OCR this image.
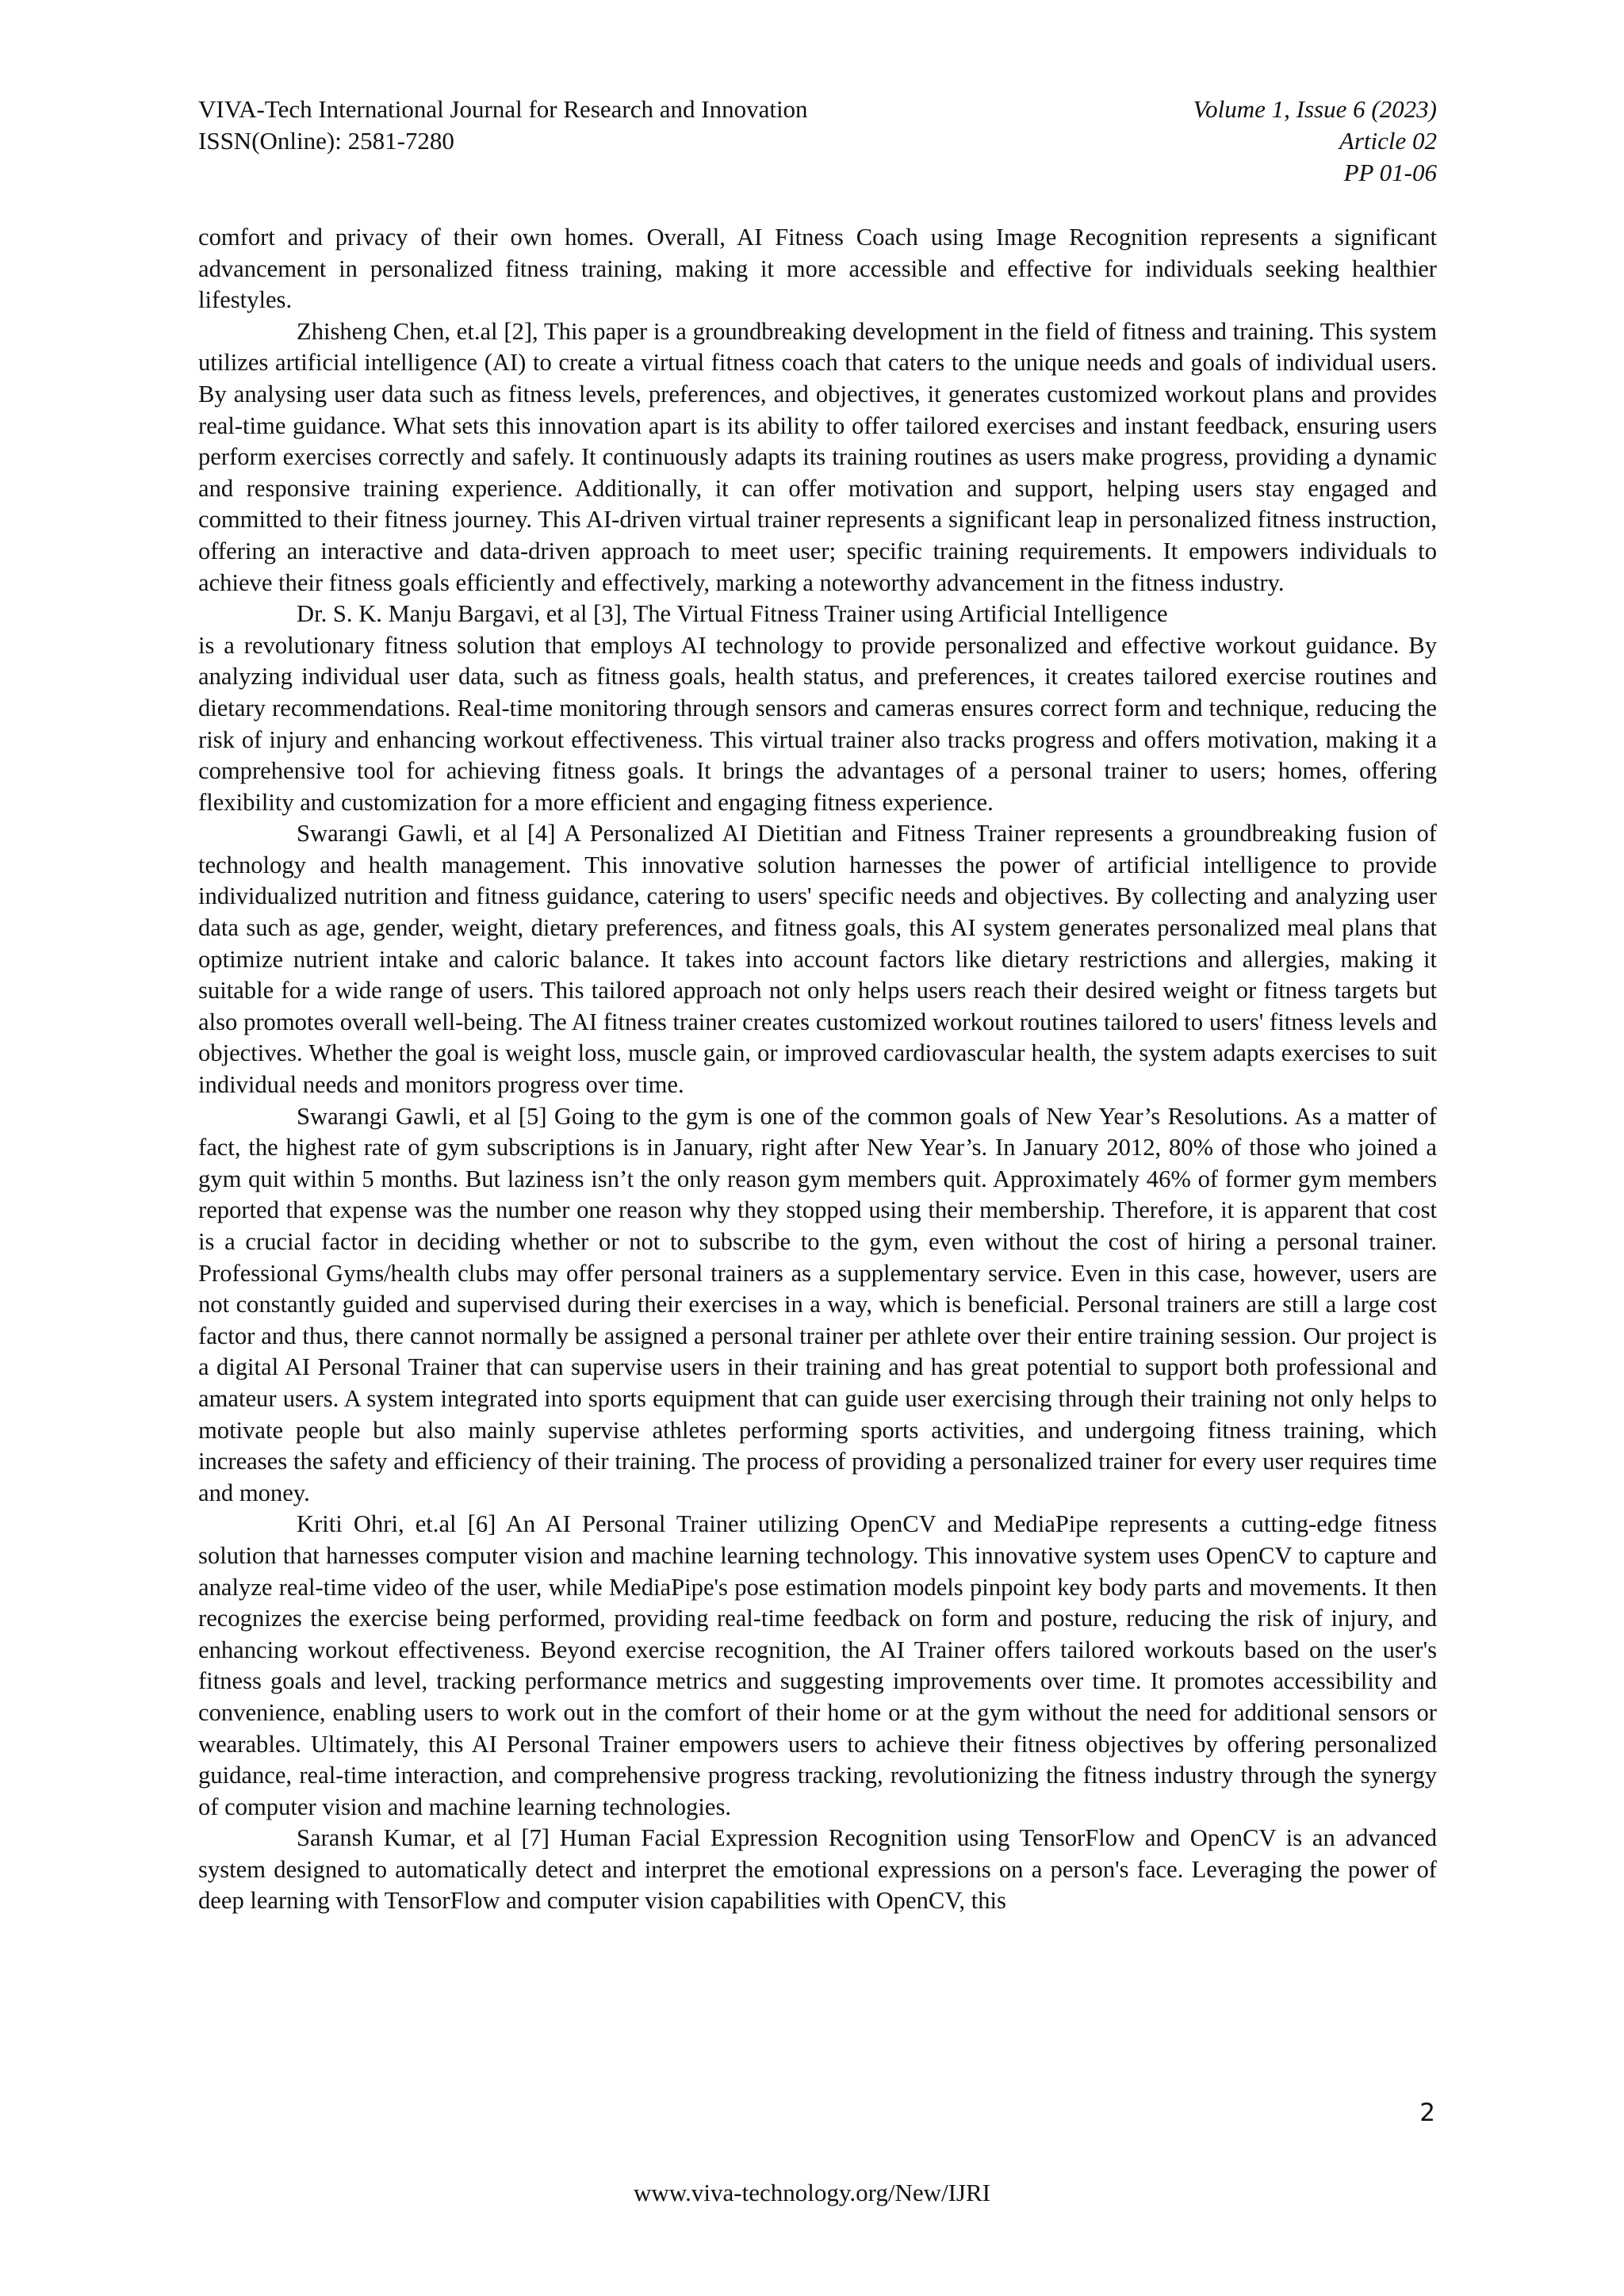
VIVA-Tech International Journal for Research and Innovation
ISSN(Online): 2581-7280
Volume 1, Issue 6 (2023)
Article 02
PP 01-06

comfort and privacy of their own homes. Overall, AI Fitness Coach using Image Recognition represents a significant advancement in personalized fitness training, making it more accessible and effective for individuals seeking healthier lifestyles.

Zhisheng Chen, et.al [2], This paper is a groundbreaking development in the field of fitness and training. This system utilizes artificial intelligence (AI) to create a virtual fitness coach that caters to the unique needs and goals of individual users. By analysing user data such as fitness levels, preferences, and objectives, it generates customized workout plans and provides real-time guidance. What sets this innovation apart is its ability to offer tailored exercises and instant feedback, ensuring users perform exercises correctly and safely. It continuously adapts its training routines as users make progress, providing a dynamic and responsive training experience. Additionally, it can offer motivation and support, helping users stay engaged and committed to their fitness journey. This AI-driven virtual trainer represents a significant leap in personalized fitness instruction, offering an interactive and data-driven approach to meet user; specific training requirements. It empowers individuals to achieve their fitness goals efficiently and effectively, marking a noteworthy advancement in the fitness industry.

Dr. S. K. Manju Bargavi, et al [3], The Virtual Fitness Trainer using Artificial Intelligence

is a revolutionary fitness solution that employs AI technology to provide personalized and effective workout guidance. By analyzing individual user data, such as fitness goals, health status, and preferences, it creates tailored exercise routines and dietary recommendations. Real-time monitoring through sensors and cameras ensures correct form and technique, reducing the risk of injury and enhancing workout effectiveness. This virtual trainer also tracks progress and offers motivation, making it a comprehensive tool for achieving fitness goals. It brings the advantages of a personal trainer to users; homes, offering flexibility and customization for a more efficient and engaging fitness experience.

Swarangi Gawli, et al [4] A Personalized AI Dietitian and Fitness Trainer represents a groundbreaking fusion of technology and health management. This innovative solution harnesses the power of artificial intelligence to provide individualized nutrition and fitness guidance, catering to users' specific needs and objectives. By collecting and analyzing user data such as age, gender, weight, dietary preferences, and fitness goals, this AI system generates personalized meal plans that optimize nutrient intake and caloric balance. It takes into account factors like dietary restrictions and allergies, making it suitable for a wide range of users. This tailored approach not only helps users reach their desired weight or fitness targets but also promotes overall well-being. The AI fitness trainer creates customized workout routines tailored to users' fitness levels and objectives. Whether the goal is weight loss, muscle gain, or improved cardiovascular health, the system adapts exercises to suit individual needs and monitors progress over time.

Swarangi Gawli, et al [5] Going to the gym is one of the common goals of New Year’s Resolutions. As a matter of fact, the highest rate of gym subscriptions is in January, right after New Year’s. In January 2012, 80% of those who joined a gym quit within 5 months. But laziness isn’t the only reason gym members quit. Approximately 46% of former gym members reported that expense was the number one reason why they stopped using their membership. Therefore, it is apparent that cost is a crucial factor in deciding whether or not to subscribe to the gym, even without the cost of hiring a personal trainer. Professional Gyms/health clubs may offer personal trainers as a supplementary service. Even in this case, however, users are not constantly guided and supervised during their exercises in a way, which is beneficial. Personal trainers are still a large cost factor and thus, there cannot normally be assigned a personal trainer per athlete over their entire training session. Our project is a digital AI Personal Trainer that can supervise users in their training and has great potential to support both professional and amateur users. A system integrated into sports equipment that can guide user exercising through their training not only helps to motivate people but also mainly supervise athletes performing sports activities, and undergoing fitness training, which increases the safety and efficiency of their training. The process of providing a personalized trainer for every user requires time and money.

Kriti Ohri, et.al [6] An AI Personal Trainer utilizing OpenCV and MediaPipe represents a cutting-edge fitness solution that harnesses computer vision and machine learning technology. This innovative system uses OpenCV to capture and analyze real-time video of the user, while MediaPipe's pose estimation models pinpoint key body parts and movements. It then recognizes the exercise being performed, providing real-time feedback on form and posture, reducing the risk of injury, and enhancing workout effectiveness. Beyond exercise recognition, the AI Trainer offers tailored workouts based on the user's fitness goals and level, tracking performance metrics and suggesting improvements over time. It promotes accessibility and convenience, enabling users to work out in the comfort of their home or at the gym without the need for additional sensors or wearables. Ultimately, this AI Personal Trainer empowers users to achieve their fitness objectives by offering personalized guidance, real-time interaction, and comprehensive progress tracking, revolutionizing the fitness industry through the synergy of computer vision and machine learning technologies.

Saransh Kumar, et al [7] Human Facial Expression Recognition using TensorFlow and OpenCV is an advanced system designed to automatically detect and interpret the emotional expressions on a person's face. Leveraging the power of deep learning with TensorFlow and computer vision capabilities with OpenCV, this

2
www.viva-technology.org/New/IJRI
